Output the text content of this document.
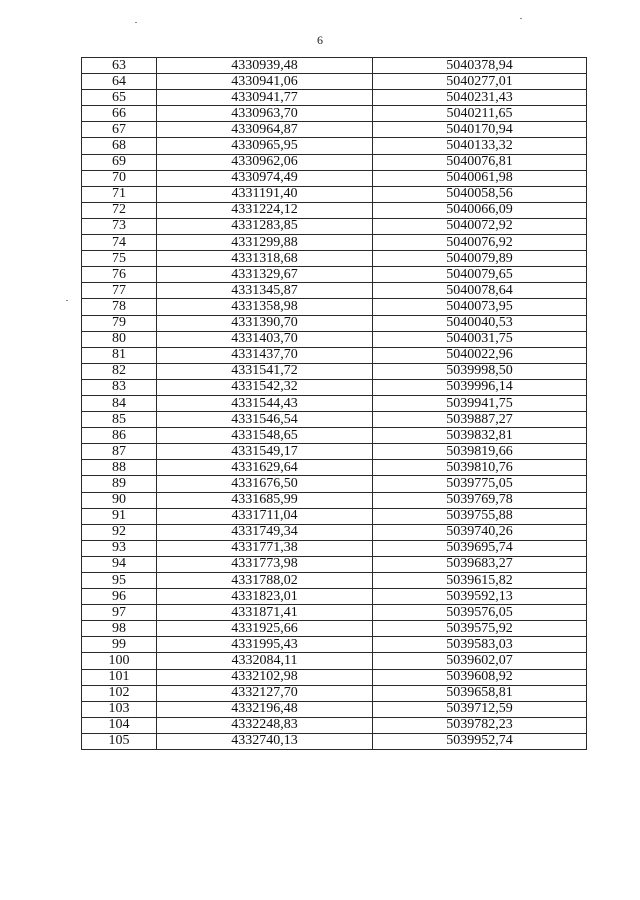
6
63	4330939,48	5040378,94
64	4330941,06	5040277,01
65	4330941,77	5040231,43
66	4330963,70	5040211,65
67	4330964,87	5040170,94
68	4330965,95	5040133,32
69	4330962,06	5040076,81
70	4330974,49	5040061,98
71	4331191,40	5040058,56
72	4331224,12	5040066,09
73	4331283,85	5040072,92
74	4331299,88	5040076,92
75	4331318,68	5040079,89
76	4331329,67	5040079,65
77	4331345,87	5040078,64
78	4331358,98	5040073,95
79	4331390,70	5040040,53
80	4331403,70	5040031,75
81	4331437,70	5040022,96
82	4331541,72	5039998,50
83	4331542,32	5039996,14
84	4331544,43	5039941,75
85	4331546,54	5039887,27
86	4331548,65	5039832,81
87	4331549,17	5039819,66
88	4331629,64	5039810,76
89	4331676,50	5039775,05
90	4331685,99	5039769,78
91	4331711,04	5039755,88
92	4331749,34	5039740,26
93	4331771,38	5039695,74
94	4331773,98	5039683,27
95	4331788,02	5039615,82
96	4331823,01	5039592,13
97	4331871,41	5039576,05
98	4331925,66	5039575,92
99	4331995,43	5039583,03
100	4332084,11	5039602,07
101	4332102,98	5039608,92
102	4332127,70	5039658,81
103	4332196,48	5039712,59
104	4332248,83	5039782,23
105	4332740,13	5039952,74
